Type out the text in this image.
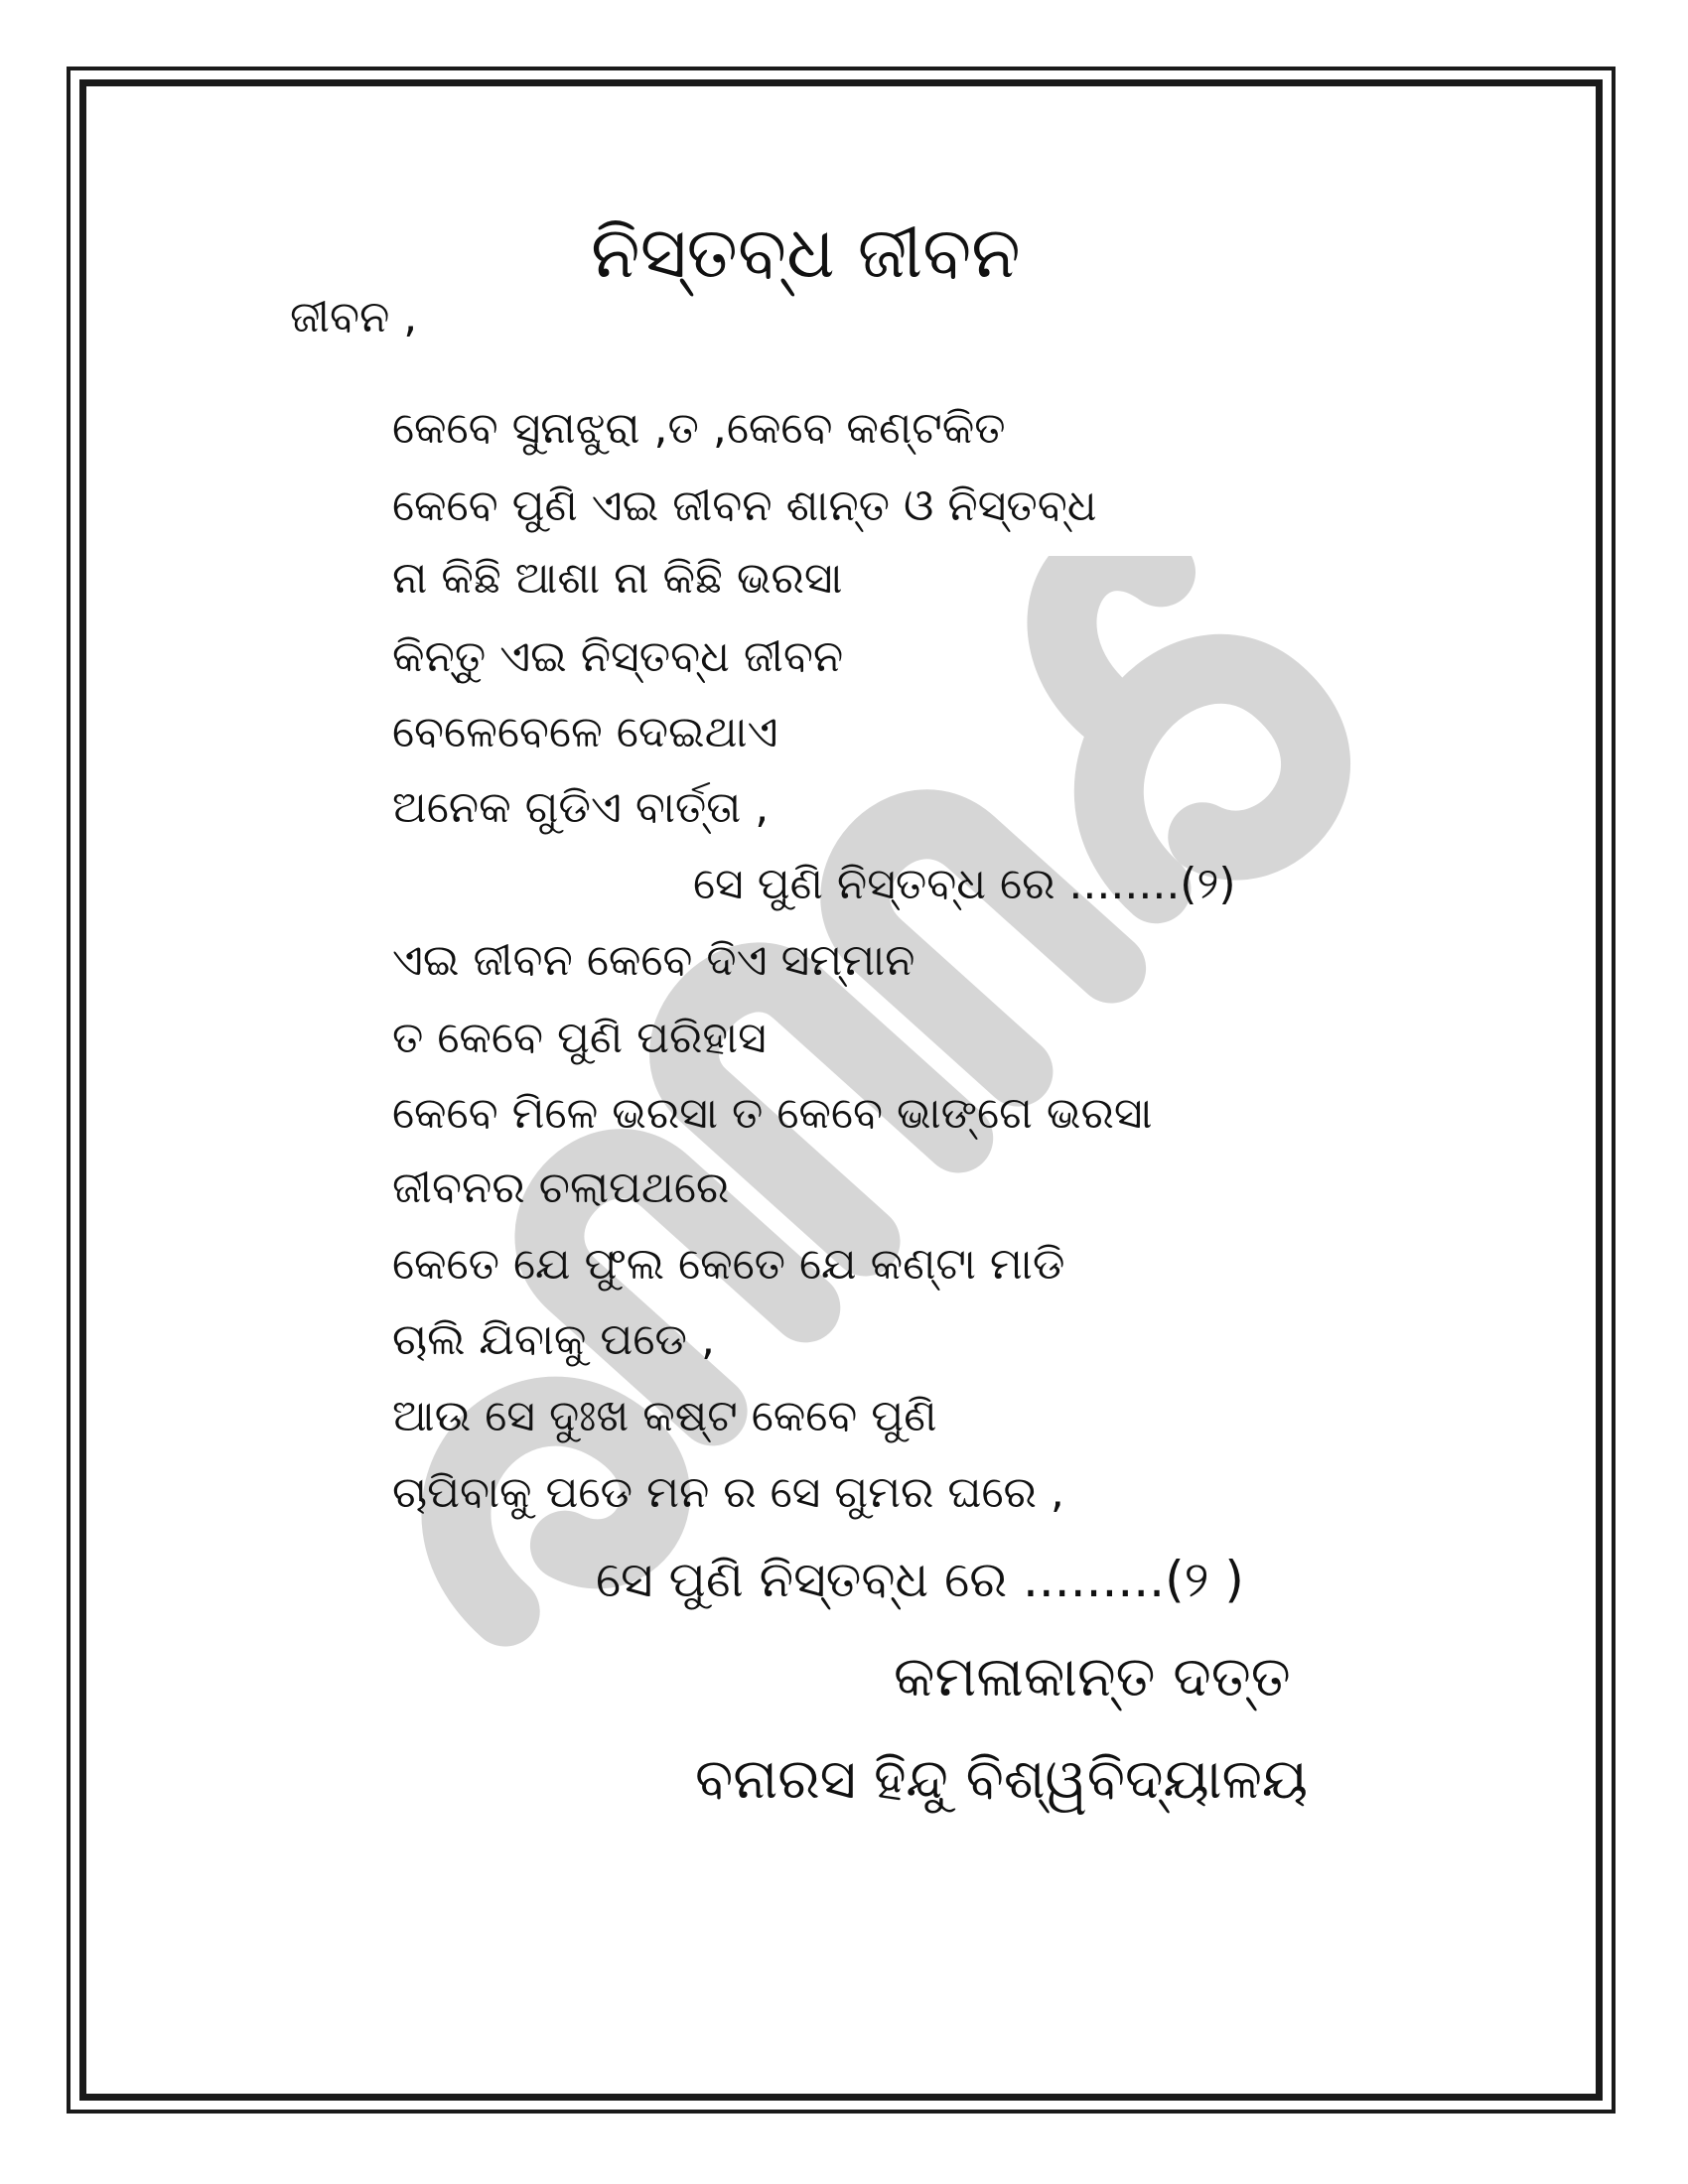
ନିସ୍ତବ୍ଧ ଜୀବନ
ଜୀବନ ,
କେବେ ସୁନାଝୁରା ,ତ ,କେବେ କଣ୍ଟକିତ
କେବେ ପୁଣି ଏଇ ଜୀବନ ଶାନ୍ତ ଓ ନିସ୍ତବ୍ଧ
ନା କିଛି ଆଶା ନା କିଛି ଭରସା
କିନ୍ତୁ ଏଇ ନିସ୍ତବ୍ଧ ଜୀବନ
ବେଳେବେଳେ ଦେଇଥାଏ
ଅନେକ ଗୁଡିଏ ବାର୍ତ୍ତା ,
ସେ ପୁଣି ନିସ୍ତବ୍ଧ ରେ ........(୨)
ଏଇ ଜୀବନ କେବେ ଦିଏ ସମ୍ମାନ
ତ କେବେ ପୁଣି ପରିହାସ
କେବେ ମିଳେ ଭରସା ତ କେବେ ଭାଙ୍ଗେ ଭରସା
ଜୀବନର ଚଲାପଥରେ
କେତେ ଯେ ଫୁଲ କେତେ ଯେ କଣ୍ଟା ମାଡି
ଚାଲି ଯିବାକୁ ପଡେ ,
ଆଉ ସେ ଦୁଃଖ କଷ୍ଟ କେବେ ପୁଣି
ଚାପିବାକୁ ପଡେ ମନ ର ସେ ଗୁମର ଘରେ ,
ସେ ପୁଣି ନିସ୍ତବ୍ଧ ରେ .........(୨ )
କମଳାକାନ୍ତ ଦତ୍ତ
ବନାରସ ହିନ୍ଦୁ ବିଶ୍ୱବିଦ୍ୟାଳୟ
